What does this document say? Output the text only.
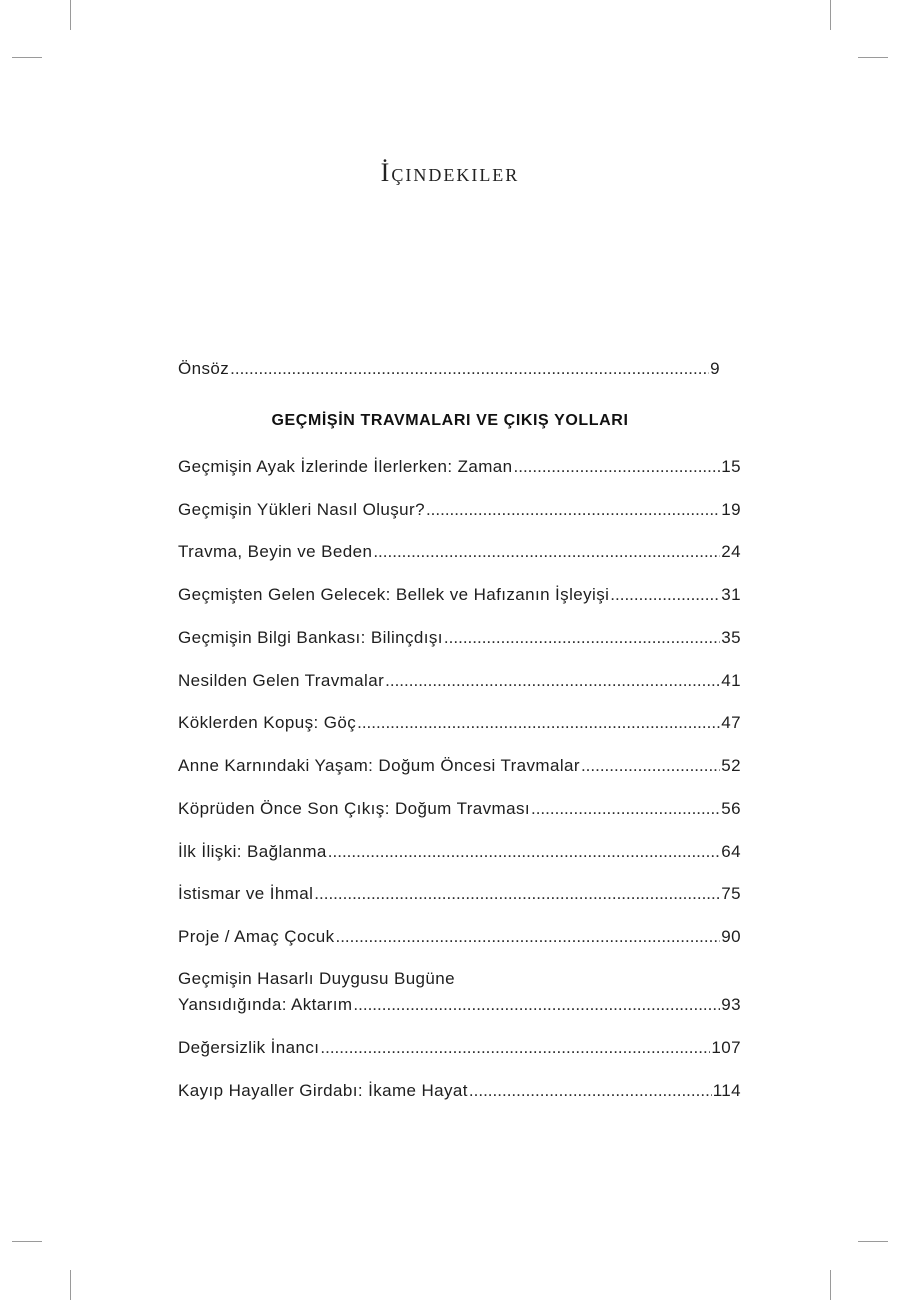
İçindekiler
Önsöz .....	9
GEÇMİŞİN TRAVMALARI VE ÇIKIŞ YOLLARI
Geçmişin Ayak İzlerinde İlerlerken: Zaman .....	15
Geçmişin Yükleri Nasıl Oluşur? .....	19
Travma, Beyin ve Beden .....	24
Geçmişten Gelen Gelecek: Bellek ve Hafızanın İşleyişi .....	31
Geçmişin Bilgi Bankası: Bilinçdışı .....	35
Nesilden Gelen Travmalar .....	41
Köklerden Kopuş: Göç .....	47
Anne Karnındaki Yaşam: Doğum Öncesi Travmalar .....	52
Köprüden Önce Son Çıkış: Doğum Travması .....	56
İlk İlişki: Bağlanma .....	64
İstismar ve İhmal .....	75
Proje / Amaç Çocuk .....	90
Geçmişin Hasarlı Duygusu Bugüne
Yansıdığında: Aktarım .....	93
Değersizlik İnancı .....	107
Kayıp Hayaller Girdabı: İkame Hayat .....	114
